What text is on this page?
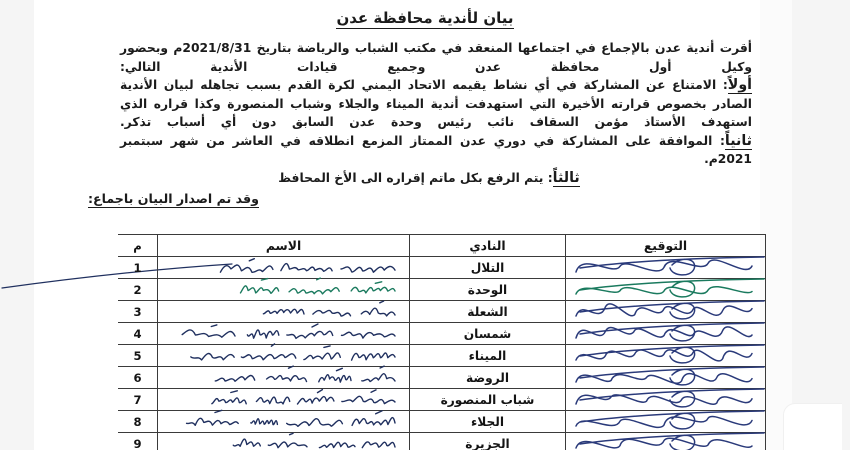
بيان لأندية محافظة عدن

أقرت أندية عدن بالإجماع في اجتماعها المنعقد في مكتب الشباب والرياضة بتاريخ 2021/8/31م وبحضور وكيل أول محافظة عدن وجميع قيادات الأندية التالي:

أولاً: الامتناع عن المشاركة في أي نشاط يقيمه الاتحاد اليمني لكرة القدم بسبب تجاهله لبيان الأندية الصادر بخصوص قرارته الأخيرة التي استهدفت أندية الميناء والجلاء وشباب المنصورة وكذا قراره الذي استهدف الأستاذ مؤمن السقاف نائب رئيس وحدة عدن السابق دون أي أسباب تذكر.

ثانياً: الموافقة على المشاركة في دوري عدن الممتاز المزمع انطلاقه في العاشر من شهر سبتمبر 2021م.

ثالثاً: يتم الرفع بكل ماتم إقراره الى الأخ المحافظ

وقد تم اصدار البيان باجماع:
التوقيع	النادي	الاسم	م

	التلال		1

	الوحدة		2

	الشعلة		3

	شمسان		4

	الميناء		5

	الروضة		6

	شباب المنصورة		7

	الجلاء		8

	الجزيرة		9
